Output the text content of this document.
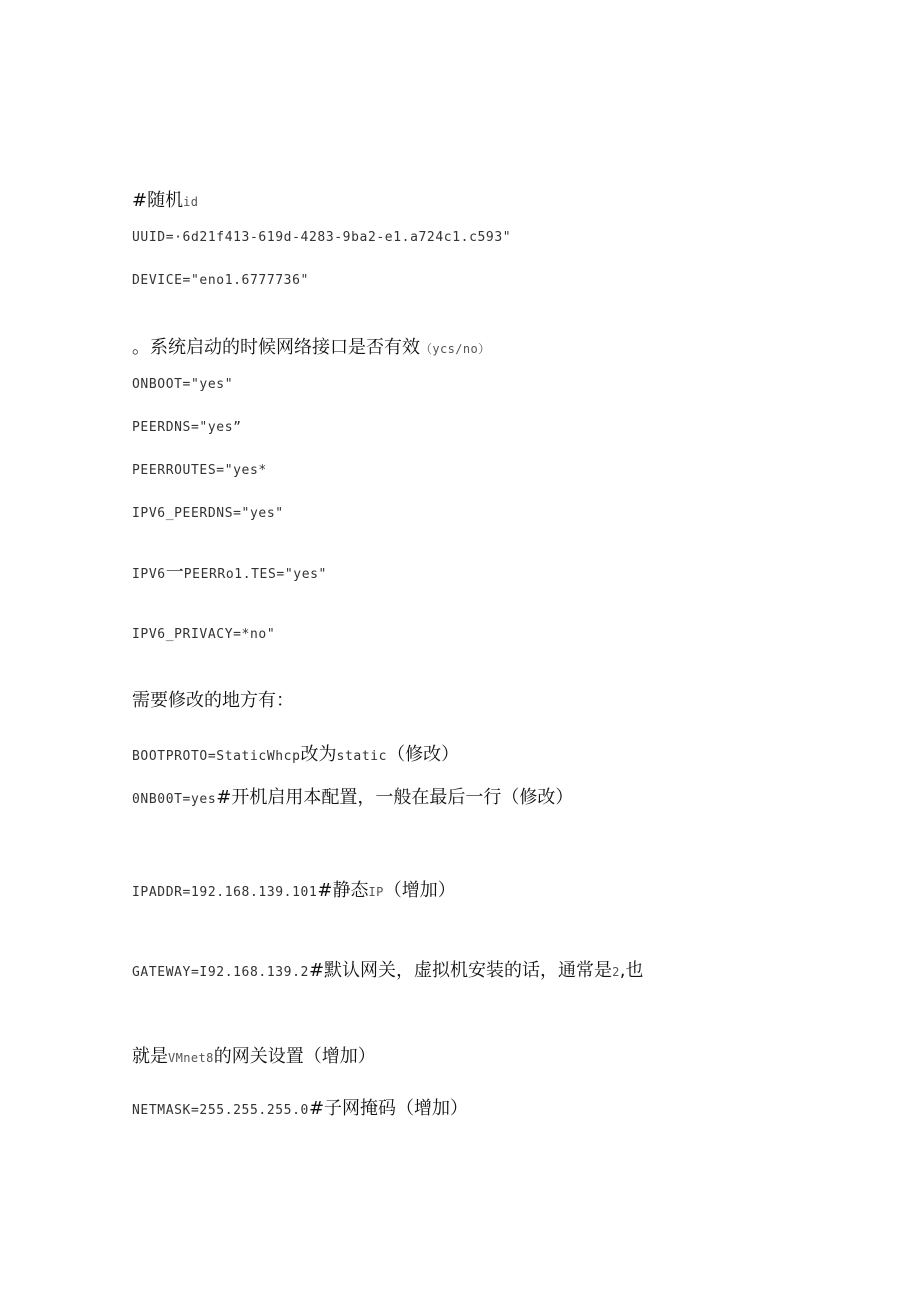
#随机id
UUID=·6d21f413-619d-4283-9ba2-e1.a724c1.c593"
DEVICE="eno1.6777736"
。系统启动的时候网络接口是否有效（ycs∕no）
ONBOOT="yes"
PEERDNS="yes”
PEERROUTES="yes*
IPV6_PEERDNS="yes"
IPV6一PEERRo1.TES="yes"
IPV6_PRIVACY=*no"
需要修改的地方有：
BOOTPROTO=StaticWhcp改为static（修改）
0NB00T=yes#开机启用本配置，一般在最后一行（修改）
IPADDR=192.168.139.101#静态IP（增加）
GATEWAY=I92.168.139.2#默认网关，虚拟机安装的话，通常是2,也
就是VMnet8的网关设置（增加）
NETMASK=255.255.255.0#子网掩码（增加）
